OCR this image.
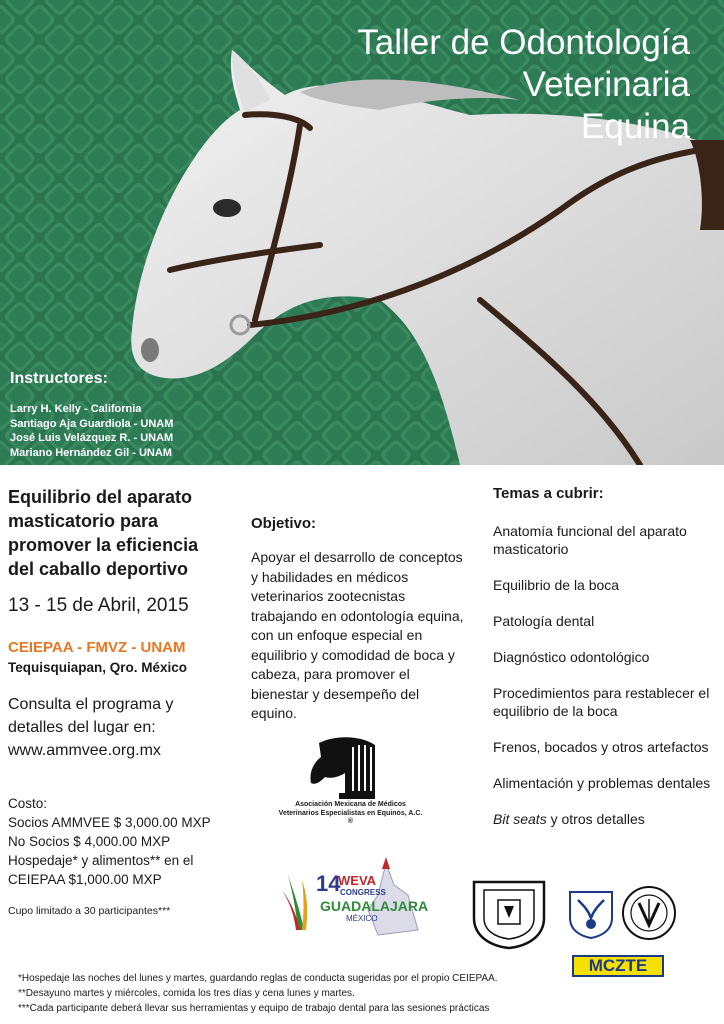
Taller de Odontología
Veterinaria
Equina
Instructores:
Larry H. Kelly - California
Santiago Aja Guardiola - UNAM
José Luis Velázquez R. - UNAM
Mariano Hernández Gil - UNAM
Equilibrio del aparato
masticatorio para
promover la eficiencia
del caballo deportivo
13 - 15 de Abril, 2015
CEIEPAA - FMVZ - UNAM
Tequisquiapan, Qro. México
Consulta el programa y
detalles del lugar en:
www.ammvee.org.mx
Costo:
Socios AMMVEE $ 3,000.00 MXP
No Socios $ 4,000.00 MXP
Hospedaje* y alimentos** en el
CEIEPAA $1,000.00 MXP
Cupo limitado a 30 participantes***
Objetivo:
Apoyar el desarrollo de conceptos y habilidades en médicos veterinarios zootecnistas trabajando en odontología equina, con un enfoque especial en equilibrio y comodidad de boca y cabeza, para promover el bienestar y desempeño del equino.
Temas a cubrir:
Anatomía funcional del aparato masticatorio
Equilibrio de la boca
Patología dental
Diagnóstico odontológico
Procedimientos para restablecer el equilibrio de la boca
Frenos, bocados y otros artefactos
Alimentación y problemas dentales
Bit seats y otros detalles
Asociación Mexicana de Médicos Veterinarios Especialistas en Equinos, A.C. ®
14
WEVA
CONGRESS
GUADALAJARA
MÉXICO
MCZTE
*Hospedaje las noches del lunes y martes, guardando reglas de conducta sugeridas por el propio CEIEPAA.
**Desayuno martes y miércoles, comida los tres días y cena lunes y martes.
***Cada participante deberá llevar sus herramientas y equipo de trabajo dental para las sesiones prácticas
